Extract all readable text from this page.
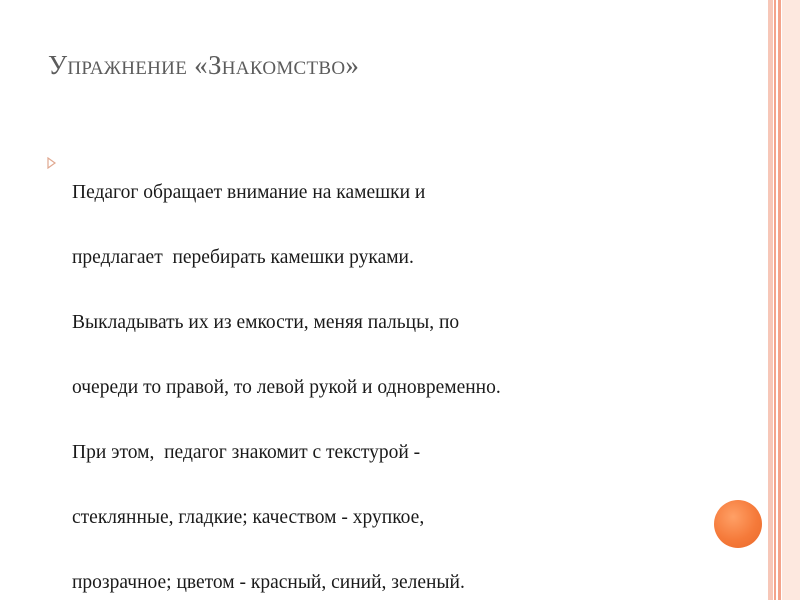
Упражнение «Знакомство»

Педагог обращает внимание на камешки и

предлагает  перебирать камешки руками.

Выкладывать их из емкости, меняя пальцы, по

очереди то правой, то левой рукой и одновременно.

При этом,  педагог знакомит с текстурой -

стеклянные, гладкие; качеством - хрупкое,

прозрачное; цветом - красный, синий, зеленый.
